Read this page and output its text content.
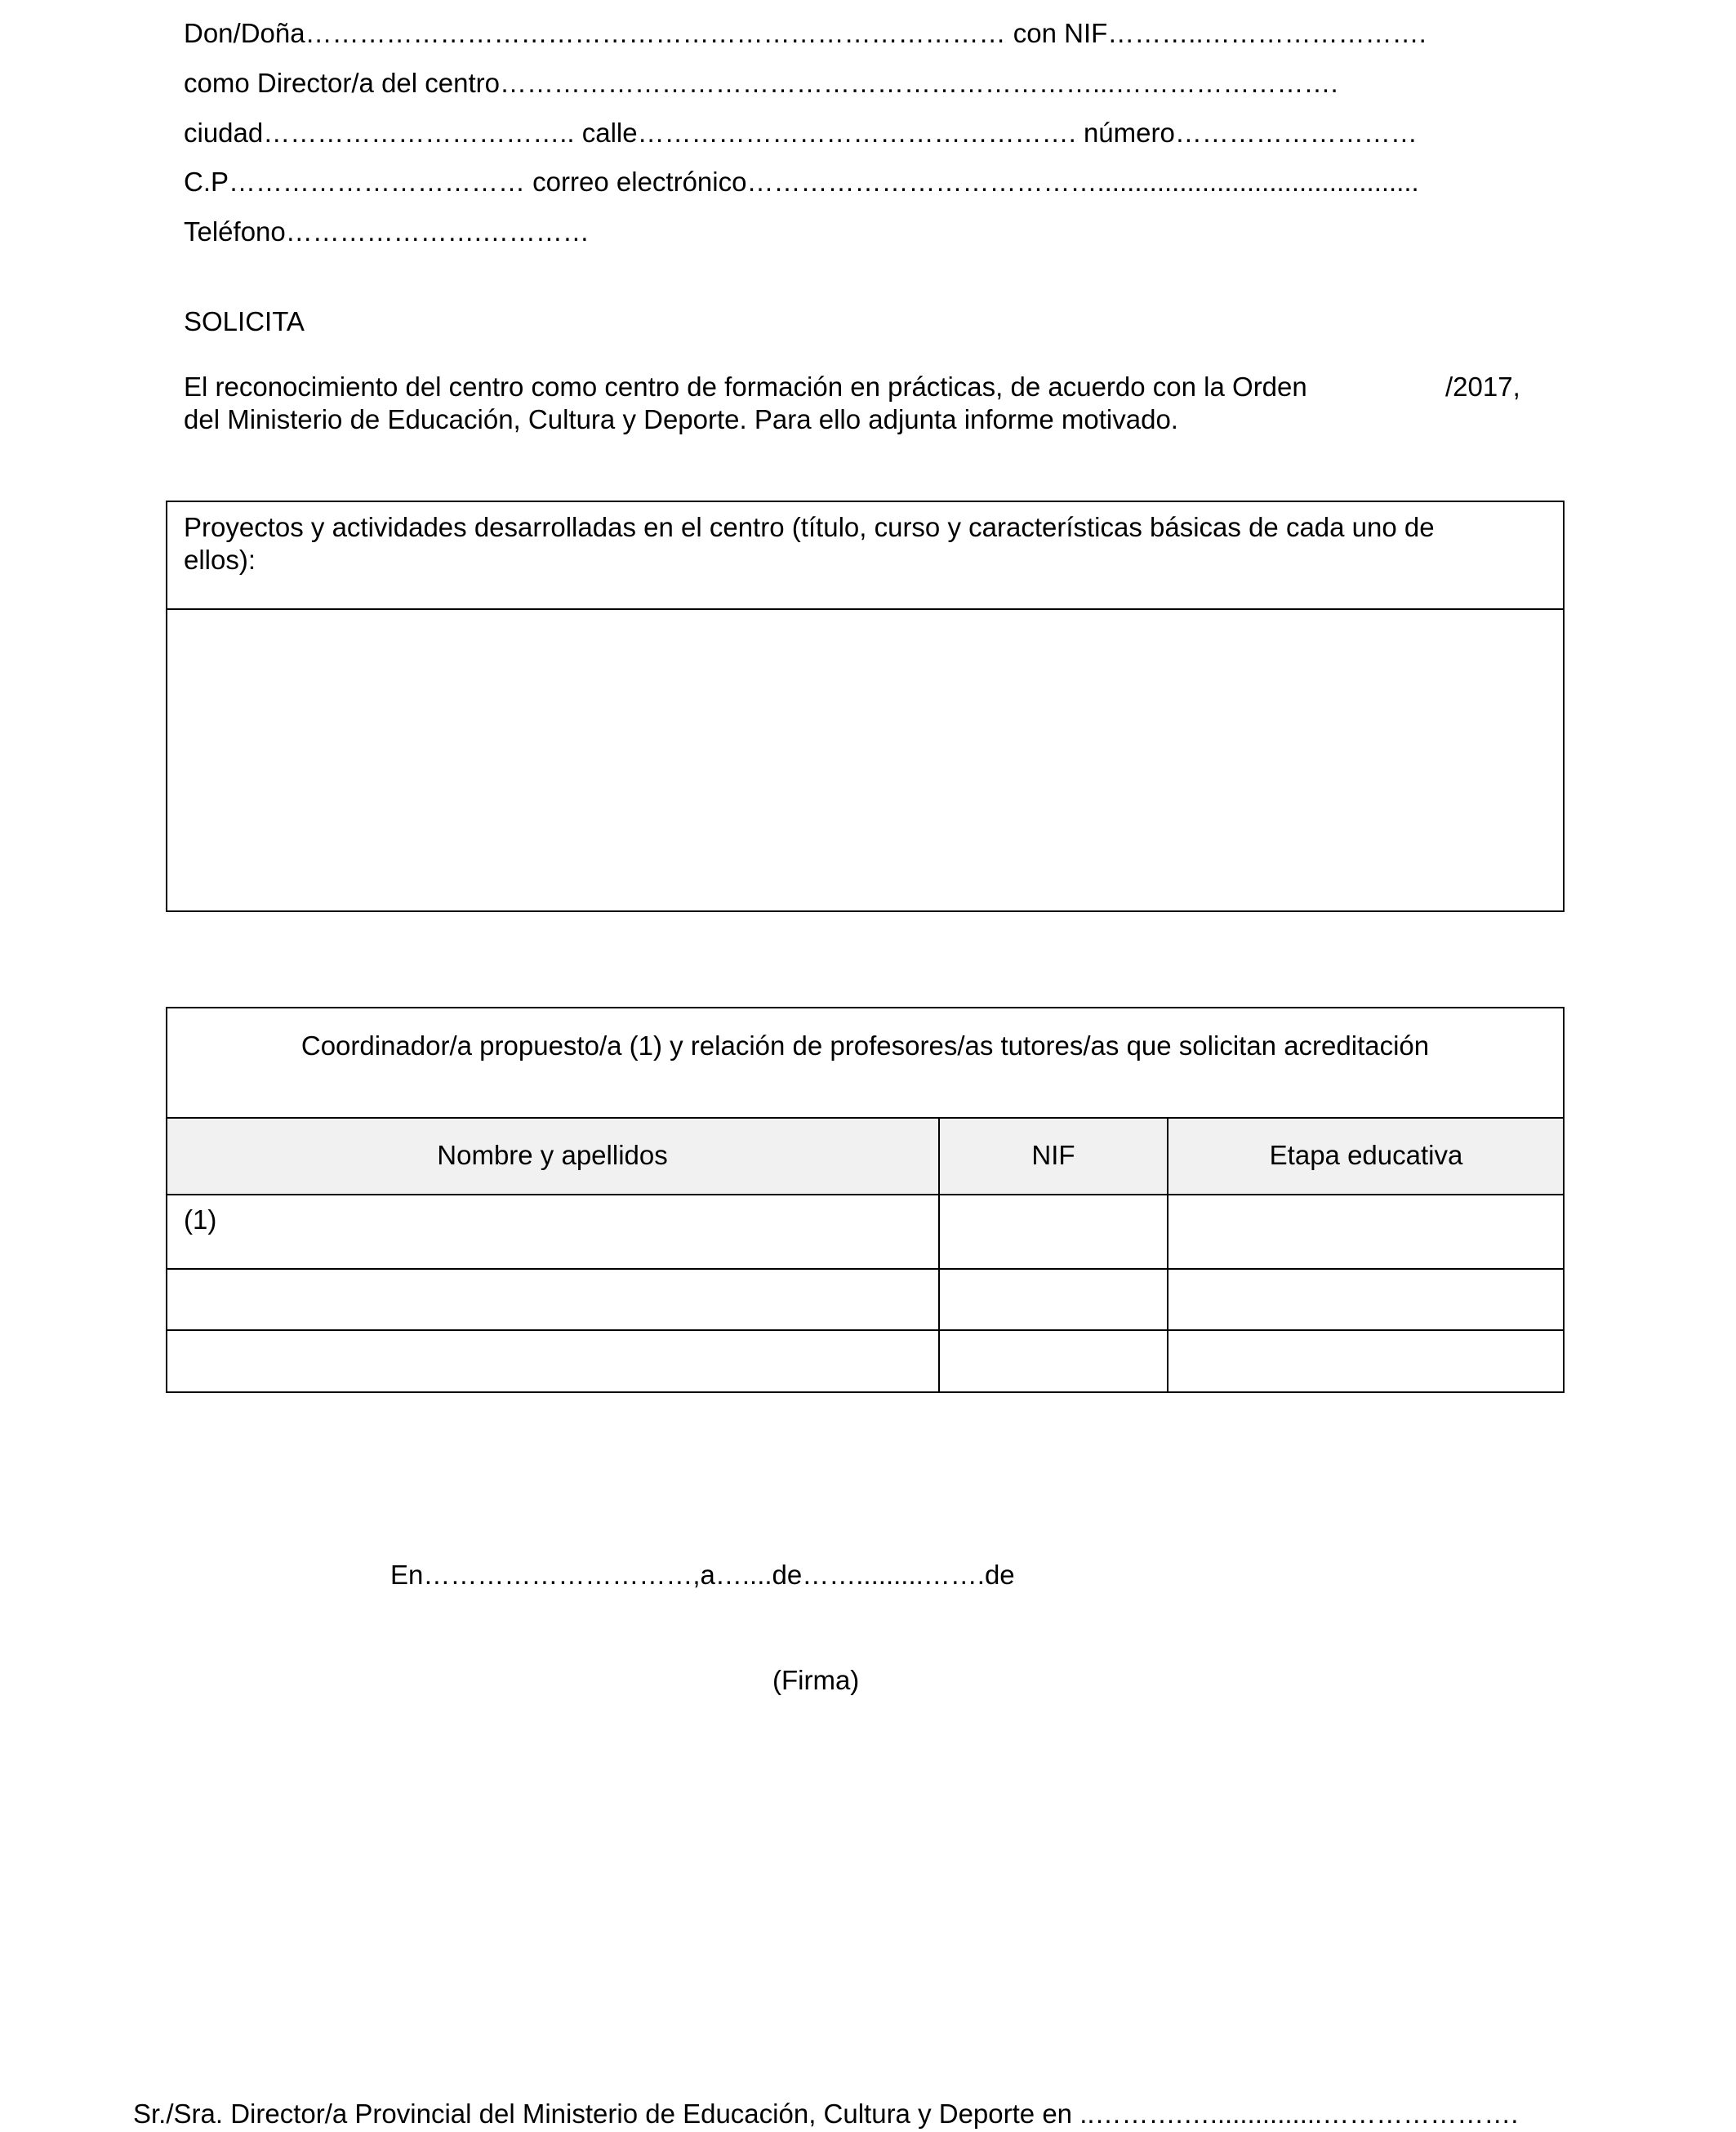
Don/Doña…………………………………………………………………… con NIF………..…………………….
como Director/a del centro…………………………………………………………...…………………….
ciudad…………………………….. calle…………………………………………. número………………………
C.P…………………………… correo electrónico…………………………………...........................................
Teléfono………………….…………
SOLICITA
El reconocimiento del centro como centro de formación en prácticas, de acuerdo con la Orden	/2017,
del Ministerio de Educación, Cultura y Deporte. Para ello adjunta informe motivado.
Proyectos y actividades desarrolladas en el centro (título, curso y características básicas de cada uno de
ellos):
Coordinador/a propuesto/a (1) y relación de profesores/as tutores/as que solicitan acreditación
Nombre y apellidos	NIF	Etapa educativa
(1)
En…………………………,a…....de…….........…….de
(Firma)
Sr./Sra. Director/a Provincial del Ministerio de Educación, Cultura y Deporte en ..……….…...............………………….
